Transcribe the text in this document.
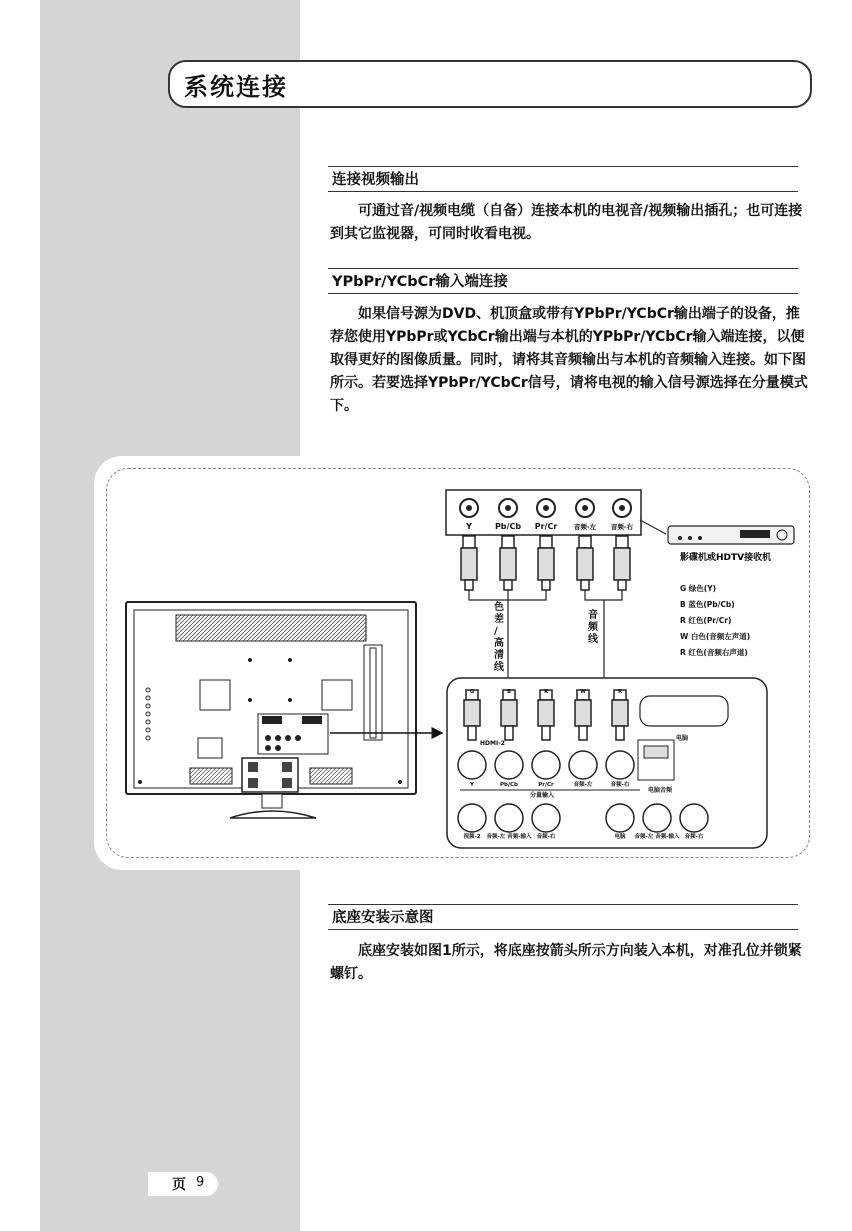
系统连接
连接视频输出
可通过音/视频电缆（自备）连接本机的电视音/视频输出插孔；也可连接到其它监视器，可同时收看电视。
YPbPr/YCbCr输入端连接
如果信号源为DVD、机顶盒或带有YPbPr/YCbCr输出端子的设备，推荐您使用YPbPr或YCbCr输出端与本机的YPbPr/YCbCr输入端连接，以便取得更好的图像质量。同时，请将其音频输出与本机的音频输入连接。如下图所示。若要选择YPbPr/YCbCr信号，请将电视的输入信号源选择在分量模式下。
Y	Pb/Cb Pr/Cr	音频-左 音频-右
影碟机或HDTV接收机
G 绿色(Y)
B 蓝色(Pb/Cb)
R 红色(Pr/Cr)
W 白色(音频左声道)
R 红色(音频右声道)
色差/高清线
音频线
G	B	R	W	R
HDMI-2
电脑
电脑音频
分量输入
Y	Pb/Cb	Pr/Cr	音频-左	音频-右
视频-2 音频-左 音频-输入 音频-右	电脑 音频-左 音频-输入 音频-右
底座安装示意图
底座安装如图1所示，将底座按箭头所示方向装入本机，对准孔位并锁紧螺钉。
页 9
